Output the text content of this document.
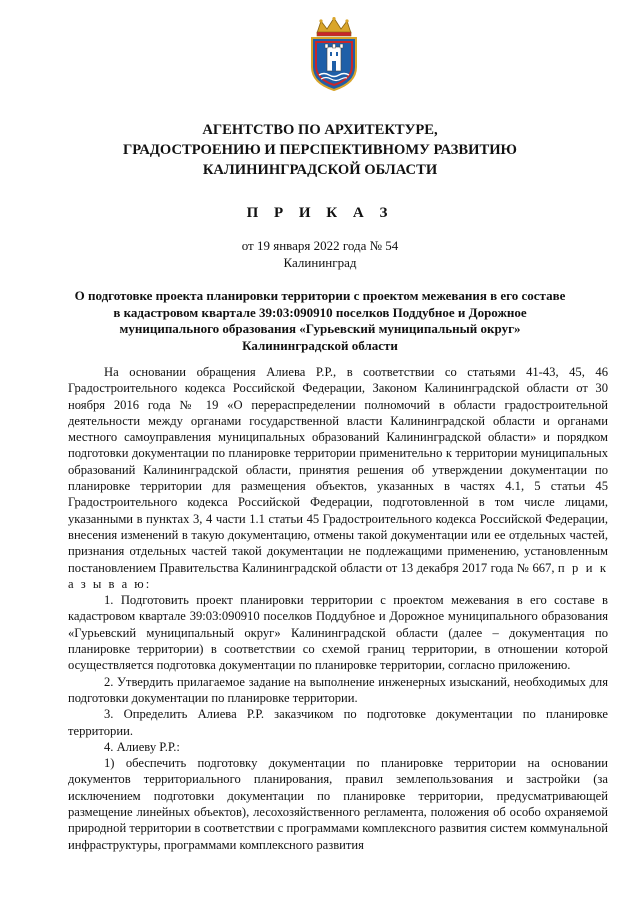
АГЕНТСТВО ПО АРХИТЕКТУРЕ,
ГРАДОСТРОЕНИЮ И ПЕРСПЕКТИВНОМУ РАЗВИТИЮ
КАЛИНИНГРАДСКОЙ ОБЛАСТИ
П Р И К А З
от 19 января 2022 года № 54
Калининград
О подготовке проекта планировки территории с проектом межевания в его составе
в кадастровом квартале 39:03:090910 поселков Поддубное и Дорожное
муниципального образования «Гурьевский муниципальный округ»
Калининградской области

На основании обращения Алиева Р.Р., в соответствии со статьями 41-43, 45, 46 Градостроительного кодекса Российской Федерации, Законом Калининградской области от 30 ноября 2016 года № 19 «О перераспределении полномочий в области градостроительной деятельности между органами государственной власти Калининградской области и органами местного самоуправления муниципальных образований Калининградской области» и порядком подготовки документации по планировке территории применительно к территории муниципальных образований Калининградской области, принятия решения об утверждении документации по планировке территории для размещения объектов, указанных в частях 4.1, 5 статьи 45 Градостроительного кодекса Российской Федерации, подготовленной в том числе лицами, указанными в пунктах 3, 4 части 1.1 статьи 45 Градостроительного кодекса Российской Федерации, внесения изменений в такую документацию, отмены такой документации или ее отдельных частей, признания отдельных частей такой документации не подлежащими применению, установленным постановлением Правительства Калининградской области от 13 декабря 2017 года № 667, п р и к а з ы в а ю:

1. Подготовить проект планировки территории с проектом межевания в его составе в кадастровом квартале 39:03:090910 поселков Поддубное и Дорожное муниципального образования «Гурьевский муниципальный округ» Калининградской области (далее – документация по планировке территории) в соответствии со схемой границ территории, в отношении которой осуществляется подготовка документации по планировке территории, согласно приложению.

2. Утвердить прилагаемое задание на выполнение инженерных изысканий, необходимых для подготовки документации по планировке территории.

3. Определить Алиева Р.Р. заказчиком по подготовке документации по планировке территории.

4. Алиеву Р.Р.:

1) обеспечить подготовку документации по планировке территории на основании документов территориального планирования, правил землепользования и застройки (за исключением подготовки документации по планировке территории, предусматривающей размещение линейных объектов), лесохозяйственного регламента, положения об особо охраняемой природной территории в соответствии с программами комплексного развития систем коммунальной инфраструктуры, программами комплексного развития
